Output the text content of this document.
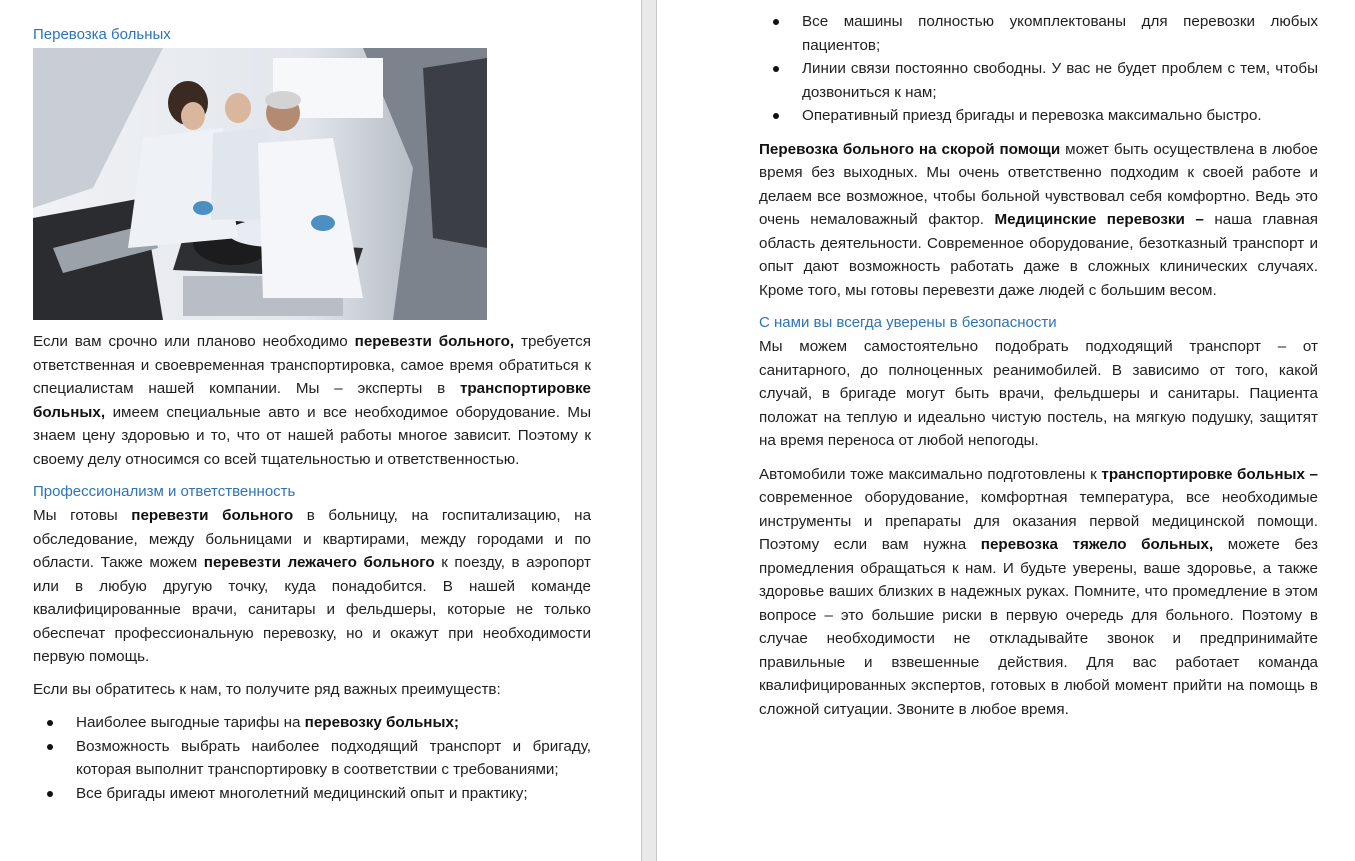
Перевозка больных

Если вам срочно или планово необходимо перевезти больного, требуется ответственная и своевременная транспортировка, самое время обратиться к специалистам нашей компании. Мы – эксперты в транспортировке больных, имеем специальные авто и все необходимое оборудование. Мы знаем цену здоровью и то, что от нашей работы многое зависит. Поэтому к своему делу относимся со всей тщательностью и ответственностью.

Профессионализм и ответственность

Мы готовы перевезти больного в больницу, на госпитализацию, на обследование, между больницами и квартирами, между городами и по области. Также можем перевезти лежачего больного к поезду, в аэропорт или в любую другую точку, куда понадобится. В нашей команде квалифицированные врачи, санитары и фельдшеры, которые не только обеспечат профессиональную перевозку, но и окажут при необходимости первую помощь.

Если вы обратитесь к нам, то получите ряд важных преимуществ:

Наиболее выгодные тарифы на перевозку больных;
Возможность выбрать наиболее подходящий транспорт и бригаду, которая выполнит транспортировку в соответствии с требованиями;
Все бригады имеют многолетний медицинский опыт и практику;
Все машины полностью укомплектованы для перевозки любых пациентов;
Линии связи постоянно свободны. У вас не будет проблем с тем, чтобы дозвониться к нам;
Оперативный приезд бригады и перевозка максимально быстро.

Перевозка больного на скорой помощи может быть осуществлена в любое время без выходных. Мы очень ответственно подходим к своей работе и делаем все возможное, чтобы больной чувствовал себя комфортно. Ведь это очень немаловажный фактор. Медицинские перевозки – наша главная область деятельности. Современное оборудование, безотказный транспорт и опыт дают возможность работать даже в сложных клинических случаях. Кроме того, мы готовы перевезти даже людей с большим весом.

С нами вы всегда уверены в безопасности

Мы можем самостоятельно подобрать подходящий транспорт – от санитарного, до полноценных реанимобилей. В зависимо от того, какой случай, в бригаде могут быть врачи, фельдшеры и санитары. Пациента положат на теплую и идеально чистую постель, на мягкую подушку, защитят на время переноса от любой непогоды.

Автомобили тоже максимально подготовлены к транспортировке больных – современное оборудование, комфортная температура, все необходимые инструменты и препараты для оказания первой медицинской помощи. Поэтому если вам нужна перевозка тяжело больных, можете без промедления обращаться к нам. И будьте уверены, ваше здоровье, а также здоровье ваших близких в надежных руках. Помните, что промедление в этом вопросе – это большие риски в первую очередь для больного. Поэтому в случае необходимости не откладывайте звонок и предпринимайте правильные и взвешенные действия. Для вас работает команда квалифицированных экспертов, готовых в любой момент прийти на помощь в сложной ситуации. Звоните в любое время.
